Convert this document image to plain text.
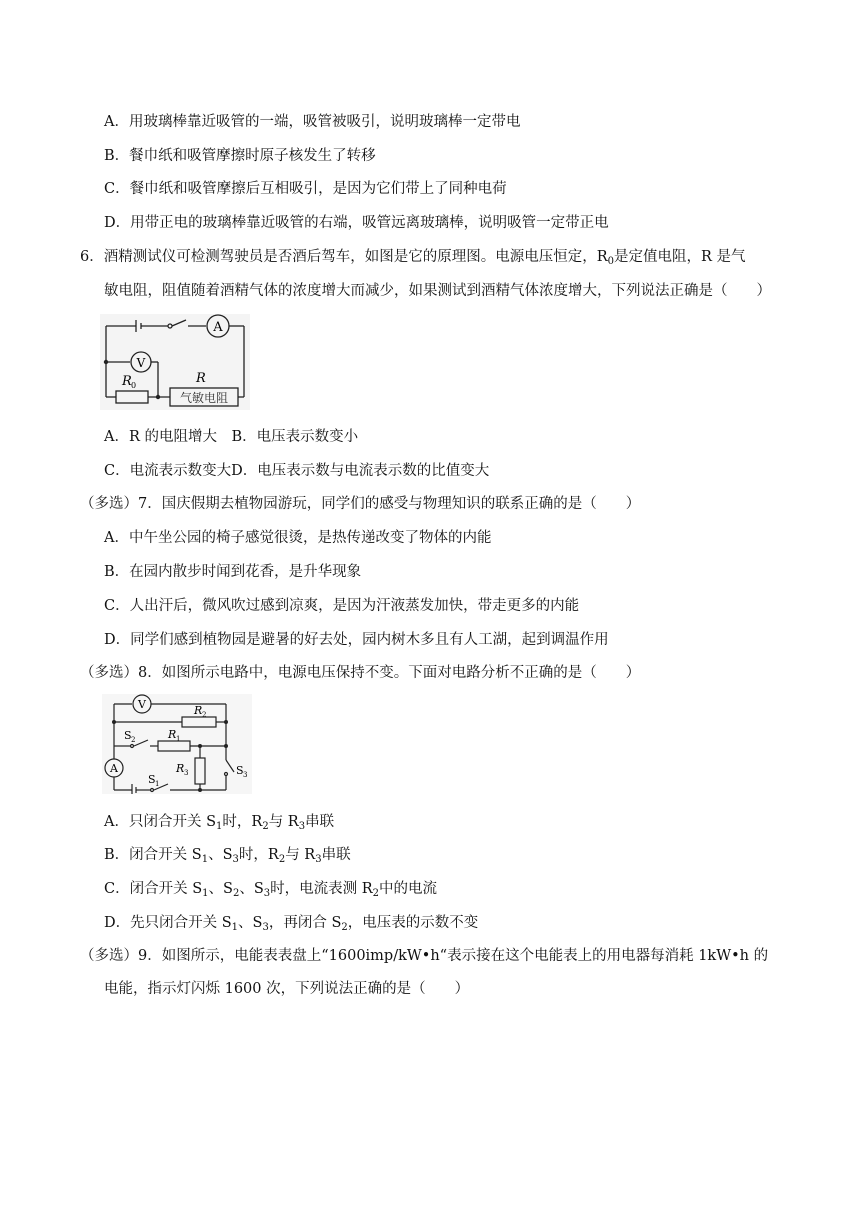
A．用玻璃棒靠近吸管的一端，吸管被吸引，说明玻璃棒一定带电
B．餐巾纸和吸管摩擦时原子核发生了转移
C．餐巾纸和吸管摩擦后互相吸引，是因为它们带上了同种电荷
D．用带正电的玻璃棒靠近吸管的右端，吸管远离玻璃棒，说明吸管一定带正电
6．酒精测试仪可检测驾驶员是否酒后驾车，如图是它的原理图。电源电压恒定，$R_0$是定值电阻，R 是气
敏电阻，阻值随着酒精气体的浓度增大而减少，如果测试到酒精气体浓度增大，下列说法正确是（　　）
A
V
R 0	R
气敏电阻
A．R 的电阻增大　B．电压表示数变小
C．电流表示数变大D．电压表示数与电流表示数的比值变大
（多选）7．国庆假期去植物园游玩，同学们的感受与物理知识的联系正确的是（　　）
A．中午坐公园的椅子感觉很烫，是热传递改变了物体的内能
B．在园内散步时闻到花香，是升华现象
C．人出汗后，微风吹过感到凉爽，是因为汗液蒸发加快，带走更多的内能
D．同学们感到植物园是避暑的好去处，园内树木多且有人工湖，起到调温作用
（多选）8．如图所示电路中，电源电压保持不变。下面对电路分析不正确的是（　　）
V
A
R 2
R 1
R 3
S 2
S 1
S 3
A．只闭合开关 $S_1$时，$R_2$与 $R_3$串联
B．闭合开关 $S_1$、$S_3$时，$R_2$与 $R_3$串联
C．闭合开关 $S_1$、$S_2$、$S_3$时，电流表测 $R_2$中的电流
D．先只闭合开关 $S_1$、$S_3$，再闭合 $S_2$，电压表的示数不变
（多选）9．如图所示，电能表表盘上“1600imp/kW•h“表示接在这个电能表上的用电器每消耗 1kW•h 的
电能，指示灯闪烁 1600 次，下列说法正确的是（　　）
